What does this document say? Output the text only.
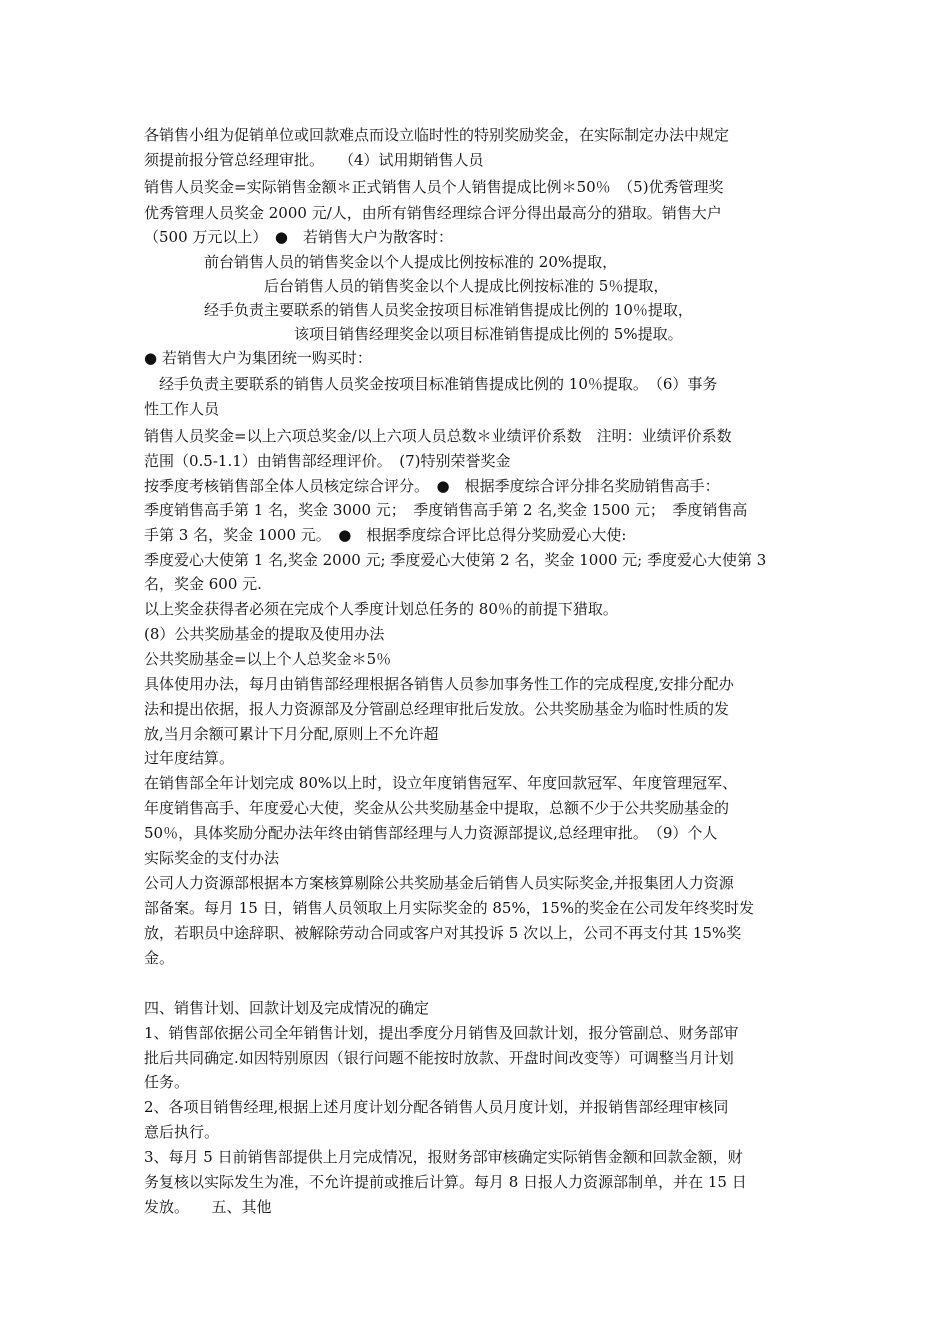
各销售小组为促销单位或回款难点而设立临时性的特别奖励奖金，在实际制定办法中规定
须提前报分管总经理审批。　　（4）试用期销售人员
销售人员奖金=实际销售金额＊正式销售人员个人销售提成比例＊50％　（5)优秀管理奖
优秀管理人员奖金 2000 元/人，由所有销售经理综合评分得出最高分的猎取。销售大户
（500 万元以上）　●　若销售大户为散客时：
　　　　前台销售人员的销售奖金以个人提成比例按标准的 20%提取，
　　　　　　　　后台销售人员的销售奖金以个人提成比例按标准的 5％提取，
　　　　经手负责主要联系的销售人员奖金按项目标准销售提成比例的 10％提取，
　　　　　　　　　　该项目销售经理奖金以项目标准销售提成比例的 5%提取。
● 若销售大户为集团统一购买时：
　经手负责主要联系的销售人员奖金按项目标准销售提成比例的 10％提取。　（6）事务
性工作人员
销售人员奖金=以上六项总奖金/以上六项人员总数＊业绩评价系数　注明：业绩评价系数
范围（0.5-1.1）由销售部经理评价。　(7)特别荣誉奖金
按季度考核销售部全体人员核定综合评分。　●　根据季度综合评分排名奖励销售高手：
季度销售高手第 1 名，奖金 3000 元；　季度销售高手第 2 名,奖金 1500 元；　季度销售高
手第 3 名，奖金 1000 元。　●　根据季度综合评比总得分奖励爱心大使:
季度爱心大使第 1 名,奖金 2000 元; 季度爱心大使第 2 名，奖金 1000 元; 季度爱心大使第 3
名，奖金 600 元.
以上奖金获得者必须在完成个人季度计划总任务的 80％的前提下猎取。
(8）公共奖励基金的提取及使用办法
公共奖励基金=以上个人总奖金＊5％
具体使用办法，每月由销售部经理根据各销售人员参加事务性工作的完成程度,安排分配办
法和提出依据，报人力资源部及分管副总经理审批后发放。公共奖励基金为临时性质的发
放,当月余额可累计下月分配,原则上不允许超
过年度结算。
在销售部全年计划完成 80%以上时，设立年度销售冠军、年度回款冠军、年度管理冠军、
年度销售高手、年度爱心大使，奖金从公共奖励基金中提取，总额不少于公共奖励基金的
50％，具体奖励分配办法年终由销售部经理与人力资源部提议,总经理审批。　（9）个人
实际奖金的支付办法
公司人力资源部根据本方案核算剔除公共奖励基金后销售人员实际奖金,并报集团人力资源
部备案。每月 15 日，销售人员领取上月实际奖金的 85%，15%的奖金在公司发年终奖时发
放，若职员中途辞职、被解除劳动合同或客户对其投诉 5 次以上，公司不再支付其 15%奖
金。
四、销售计划、回款计划及完成情况的确定
1、销售部依据公司全年销售计划，提出季度分月销售及回款计划，报分管副总、财务部审
批后共同确定.如因特别原因（银行问题不能按时放款、开盘时间改变等）可调整当月计划
任务。
2、各项目销售经理,根据上述月度计划分配各销售人员月度计划，并报销售部经理审核同
意后执行。
3、每月 5 日前销售部提供上月完成情况，报财务部审核确定实际销售金额和回款金额，财
务复核以实际发生为准，不允许提前或推后计算。每月 8 日报人力资源部制单，并在 15 日
发放。　　五、其他
